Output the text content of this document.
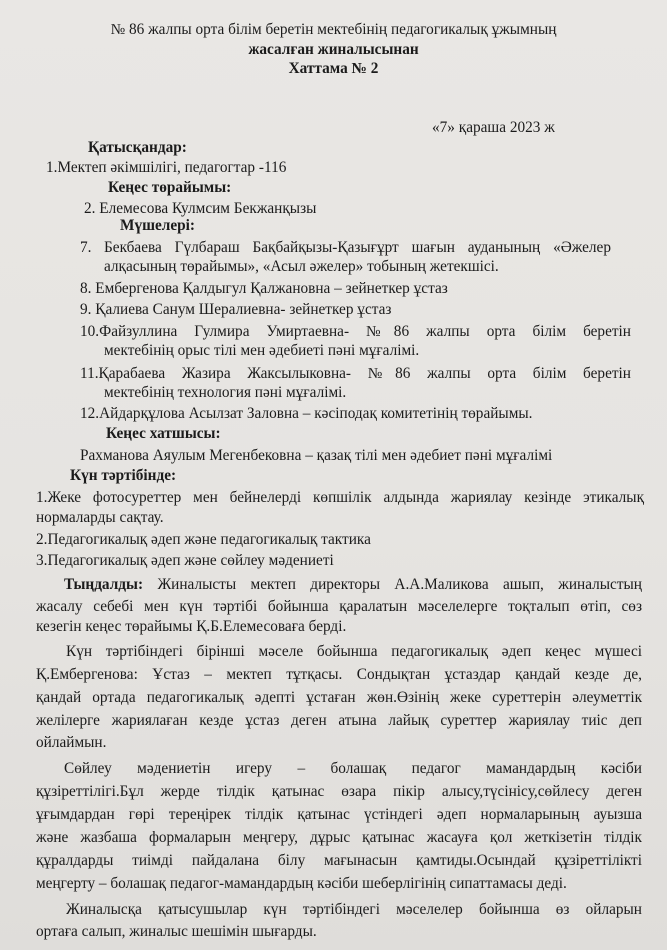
№ 86 жалпы орта білім беретін мектебінің педагогикалық ұжымның
жасалған жиналысынан
Хаттама № 2
«7» қараша 2023 ж
Қатысқандар:
1.Мектеп әкімшілігі, педагогтар -116
Кеңес төрайымы:
2. Елемесова Кулмсим Бекжанқызы
Мүшелері:
7. Бекбаева Гүлбараш Бақбайқызы-Қазығұрт шағын ауданының «Әжелер
алқасының төрайымы», «Асыл әжелер» тобының жетекшісі.
8. Ембергенова Қалдыгул Қалжановна – зейнеткер ұстаз
9. Қалиева Санум Шералиевна- зейнеткер ұстаз
10.Файзуллина Гулмира Умиртаевна- №86 жалпы орта білім беретін
мектебінің орыс тілі мен әдебиеті пәні мұғалімі.
11.Қарабаева Жазира Жаксылыковна- №86 жалпы орта білім беретін
мектебінің технология пәні мұғалімі.
12.Айдарқұлова Асылзат Заловна – кәсіподақ комитетінің төрайымы.
Кеңес хатшысы:
Рахманова Аяулым Мегенбековна – қазақ тілі мен әдебиет пәні мұғалімі
Күн тәртібінде:
1.Жеке фотосуреттер мен бейнелерді көпшілік алдында жариялау кезінде этикалық
нормаларды сақтау.
2.Педагогикалық әдеп және педагогикалық тактика
3.Педагогикалық әдеп және сөйлеу мәдениеті
Тыңдалды: Жиналысты мектеп директоры А.А.Маликова ашып, жиналыстың
жасалу себебі мен күн тәртібі бойынша қаралатын мәселелерге тоқталып өтіп, сөз
кезегін кеңес төрайымы Қ.Б.Елемесоваға берді.
Күн тәртібіндегі бірінші мәселе бойынша педагогикалық әдеп кеңес мүшесі
Қ.Ембергенова: Ұстаз – мектеп тұтқасы. Сондықтан ұстаздар қандай кезде де,
қандай ортада педагогикалық әдепті ұстаған жөн.Өзінің жеке суреттерін әлеуметтік
желілерге жариялаған кезде ұстаз деген атына лайық суреттер жариялау тиіс деп
ойлаймын.
Сөйлеу мәдениетін игеру – болашақ педагог мамандардың кәсіби
құзіреттілігі.Бұл жерде тілдік қатынас өзара пікір алысу,түсініcу,сөйлесу деген
ұғымдардан гөрі тереңірек тілдік қатынас үстіндегі әдеп нормаларының ауызша
және жазбаша формаларын меңгеру, дұрыс қатынас жасауға қол жеткізетін тілдік
құралдарды тиімді пайдалана білу мағынасын қамтиды.Осындай құзіреттілікті
меңгерту – болашақ педагог-мамандардың кәсіби шеберлігінің сипаттамасы деді.
Жиналысқа қатысушылар күн тәртібіндегі мәселелер бойынша өз ойларын
ортаға салып, жиналыс шешімін шығарды.
